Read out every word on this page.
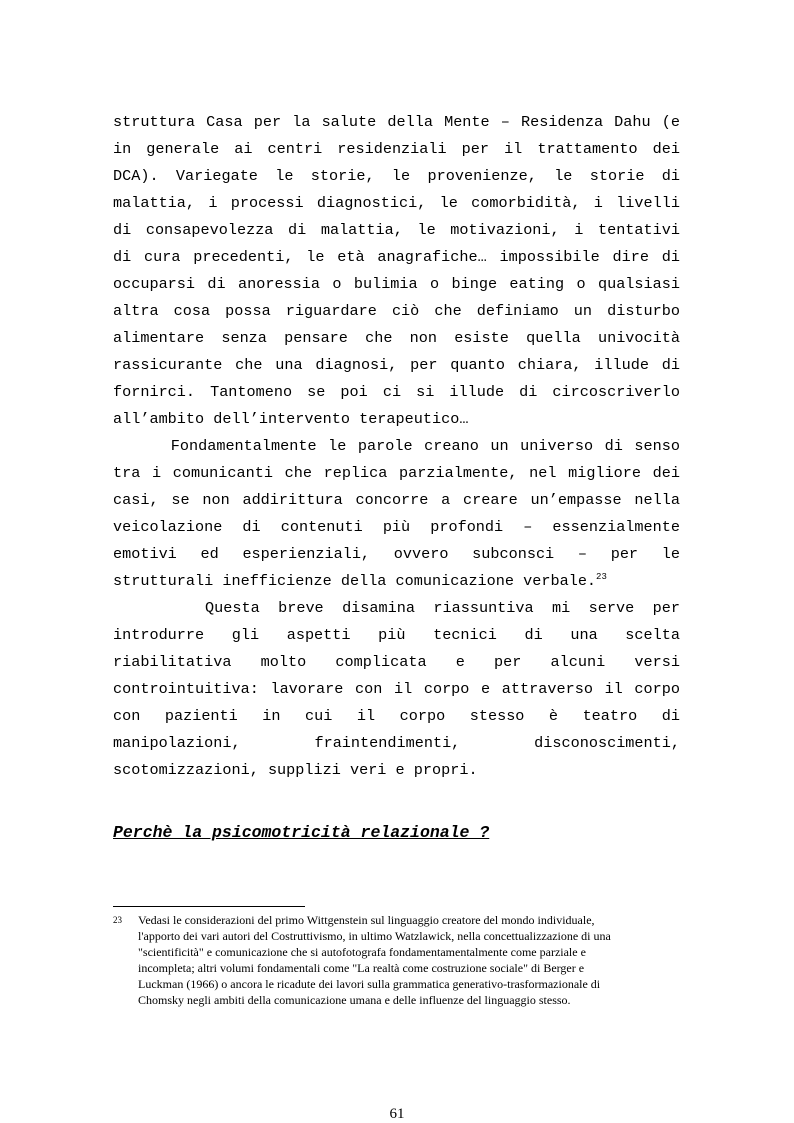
struttura Casa per la salute della Mente – Residenza Dahu (e
in generale ai centri residenziali per il trattamento dei
DCA). Variegate le storie, le provenienze, le storie di
malattia, i processi diagnostici, le comorbidità, i livelli
di consapevolezza di malattia, le motivazioni, i tentativi
di cura precedenti, le età anagrafiche… impossibile dire di
occuparsi di anoressia o bulimia o binge eating o qualsiasi
altra cosa possa riguardare ciò che definiamo un disturbo
alimentare senza pensare che non esiste quella univocità
rassicurante che una diagnosi, per quanto chiara, illude di
fornirci. Tantomeno se poi ci si illude di circoscriverlo
all’ambito dell’intervento terapeutico…
Fondamentalmente le parole creano un universo di senso
tra i comunicanti che replica parzialmente, nel migliore dei
casi, se non addirittura concorre a creare un’empasse nella
veicolazione di contenuti più profondi – essenzialmente
emotivi ed esperienziali, ovvero subconsci – per le
strutturali inefficienze della comunicazione verbale.$^{23}$
Questa breve disamina riassuntiva mi serve per
introdurre gli aspetti più tecnici di una scelta
riabilitativa molto complicata e per alcuni versi
controintuitiva: lavorare con il corpo e attraverso il corpo
con pazienti in cui il corpo stesso è teatro di
manipolazioni, fraintendimenti, disconoscimenti,
scotomizzazioni, supplizi veri e propri.
Perchè la psicomotricità relazionale ?
23 Vedasi le considerazioni del primo Wittgenstein sul linguaggio creatore del mondo individuale,
l'apporto dei vari autori del Costruttivismo, in ultimo Watzlawick, nella concettualizzazione di una
"scientificità" e comunicazione che si autofotografa fondamentamentalmente come parziale e
incompleta; altri volumi fondamentali come "La realtà come costruzione sociale" di Berger e
Luckman (1966) o ancora le ricadute dei lavori sulla grammatica generativo-trasformazionale di
Chomsky negli ambiti della comunicazione umana e delle influenze del linguaggio stesso.
61
